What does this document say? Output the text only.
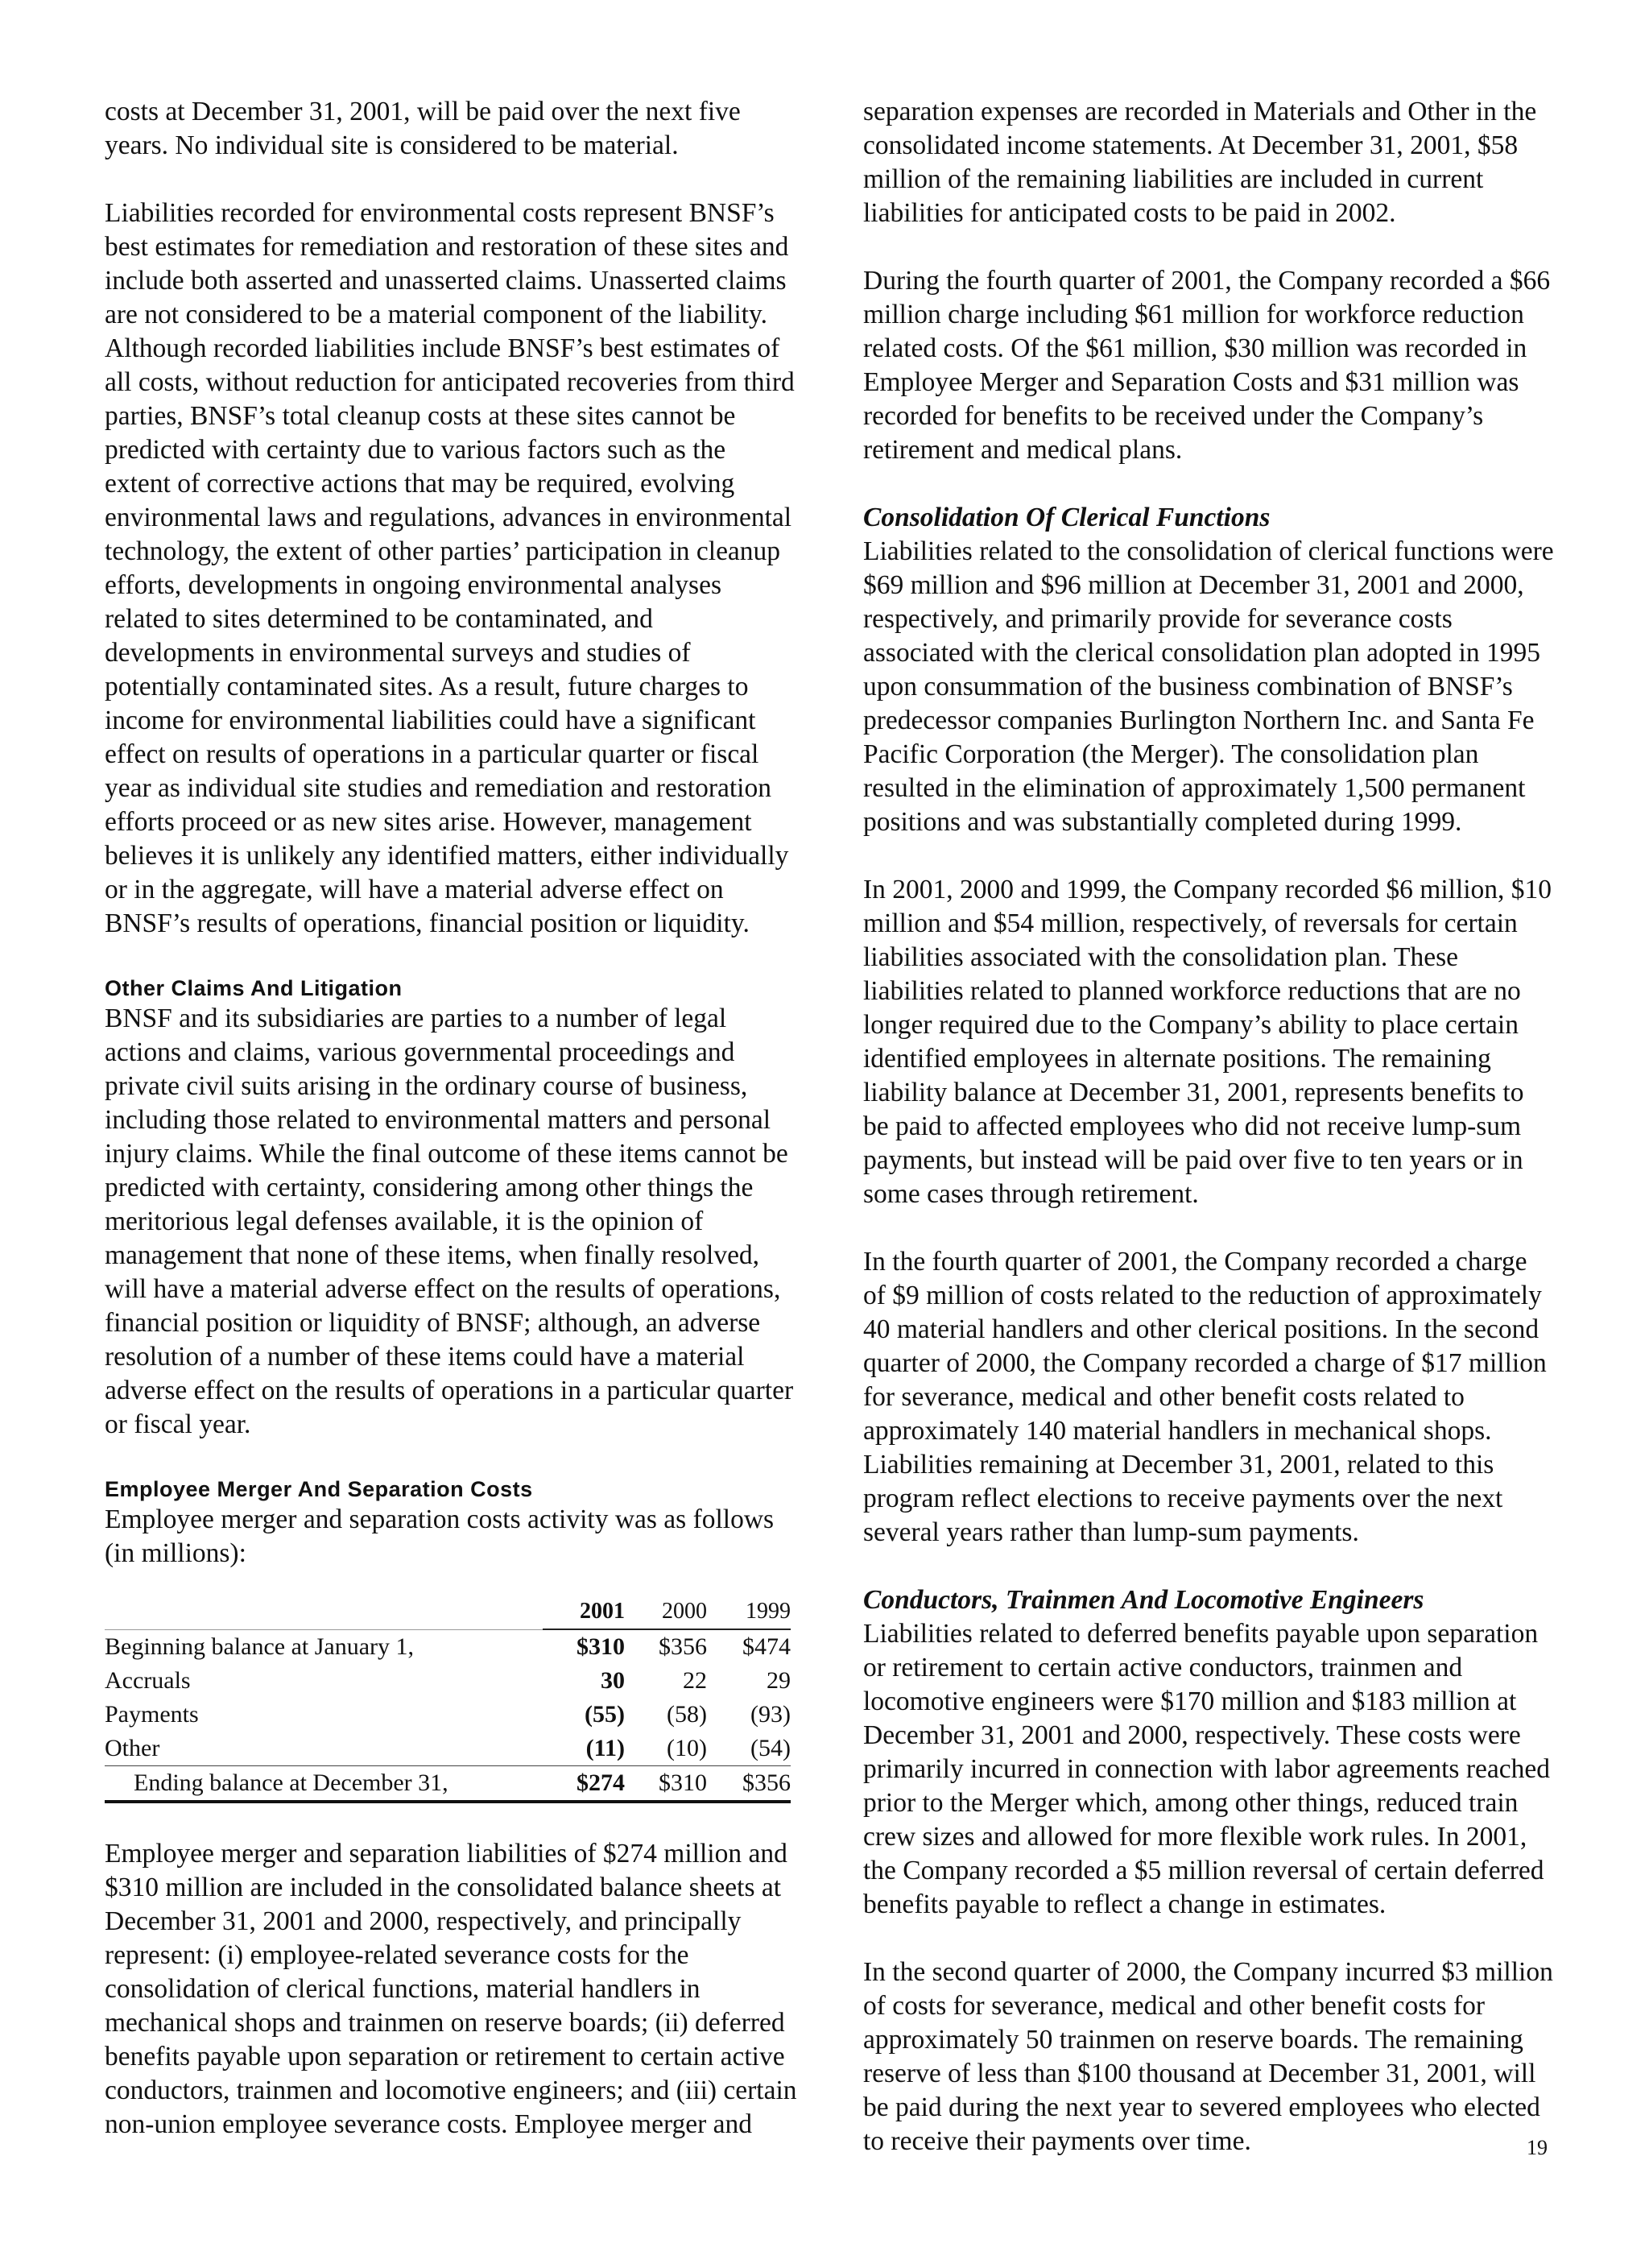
costs at December 31, 2001, will be paid over the next five years. No individual site is considered to be material.

Liabilities recorded for environmental costs represent BNSF’s best estimates for remediation and restoration of these sites and include both asserted and unasserted claims. Unasserted claims are not considered to be a material component of the liability. Although recorded liabilities include BNSF’s best estimates of all costs, without reduction for anticipated recoveries from third parties, BNSF’s total cleanup costs at these sites cannot be predicted with certainty due to various factors such as the extent of corrective actions that may be required, evolving environmental laws and regulations, advances in environmental technology, the extent of other parties’ participation in cleanup efforts, developments in ongoing environmental analyses related to sites determined to be contaminated, and developments in environmental surveys and studies of potentially contaminated sites. As a result, future charges to income for environmental liabilities could have a significant effect on results of operations in a particular quarter or fiscal year as individual site studies and remediation and restoration efforts proceed or as new sites arise. However, management believes it is unlikely any identified matters, either individually or in the aggregate, will have a material adverse effect on BNSF’s results of operations, financial position or liquidity.

Other Claims And Litigation

BNSF and its subsidiaries are parties to a number of legal actions and claims, various governmental proceedings and private civil suits arising in the ordinary course of business, including those related to environmental matters and personal injury claims. While the final outcome of these items cannot be predicted with certainty, considering among other things the meritorious legal defenses available, it is the opinion of management that none of these items, when finally resolved, will have a material adverse effect on the results of operations, financial position or liquidity of BNSF; although, an adverse resolution of a number of these items could have a material adverse effect on the results of operations in a particular quarter or fiscal year.

Employee Merger And Separation Costs

Employee merger and separation costs activity was as follows (in millions):

	2001	2000	1999
Beginning balance at January 1,	$310	$356	$474
Accruals	30	22	29
Payments	(55)	(58)	(93)
Other	(11)	(10)	(54)
Ending balance at December 31,	$274	$310	$356

Employee merger and separation liabilities of $274 million and $310 million are included in the consolidated balance sheets at December 31, 2001 and 2000, respectively, and principally represent: (i) employee-related severance costs for the consolidation of clerical functions, material handlers in mechanical shops and trainmen on reserve boards; (ii) deferred benefits payable upon separation or retirement to certain active conductors, trainmen and locomotive engineers; and (iii) certain non-union employee severance costs. Employee merger and

separation expenses are recorded in Materials and Other in the consolidated income statements. At December 31, 2001, $58 million of the remaining liabilities are included in current liabilities for anticipated costs to be paid in 2002.

During the fourth quarter of 2001, the Company recorded a $66 million charge including $61 million for workforce reduction related costs. Of the $61 million, $30 million was recorded in Employee Merger and Separation Costs and $31 million was recorded for benefits to be received under the Company’s retirement and medical plans.

Consolidation Of Clerical Functions

Liabilities related to the consolidation of clerical functions were $69 million and $96 million at December 31, 2001 and 2000, respectively, and primarily provide for severance costs associated with the clerical consolidation plan adopted in 1995 upon consummation of the business combination of BNSF’s predecessor companies Burlington Northern Inc. and Santa Fe Pacific Corporation (the Merger). The consolidation plan resulted in the elimination of approximately 1,500 permanent positions and was substantially completed during 1999.

In 2001, 2000 and 1999, the Company recorded $6 million, $10 million and $54 million, respectively, of reversals for certain liabilities associated with the consolidation plan. These liabilities related to planned workforce reductions that are no longer required due to the Company’s ability to place certain identified employees in alternate positions. The remaining liability balance at December 31, 2001, represents benefits to be paid to affected employees who did not receive lump-sum payments, but instead will be paid over five to ten years or in some cases through retirement.

In the fourth quarter of 2001, the Company recorded a charge of $9 million of costs related to the reduction of approximately 40 material handlers and other clerical positions. In the second quarter of 2000, the Company recorded a charge of $17 million for severance, medical and other benefit costs related to approximately 140 material handlers in mechanical shops. Liabilities remaining at December 31, 2001, related to this program reflect elections to receive payments over the next several years rather than lump-sum payments.

Conductors, Trainmen And Locomotive Engineers

Liabilities related to deferred benefits payable upon separation or retirement to certain active conductors, trainmen and locomotive engineers were $170 million and $183 million at December 31, 2001 and 2000, respectively. These costs were primarily incurred in connection with labor agreements reached prior to the Merger which, among other things, reduced train crew sizes and allowed for more flexible work rules. In 2001, the Company recorded a $5 million reversal of certain deferred benefits payable to reflect a change in estimates.

In the second quarter of 2000, the Company incurred $3 million of costs for severance, medical and other benefit costs for approximately 50 trainmen on reserve boards. The remaining reserve of less than $100 thousand at December 31, 2001, will be paid during the next year to severed employees who elected to receive their payments over time.	19
